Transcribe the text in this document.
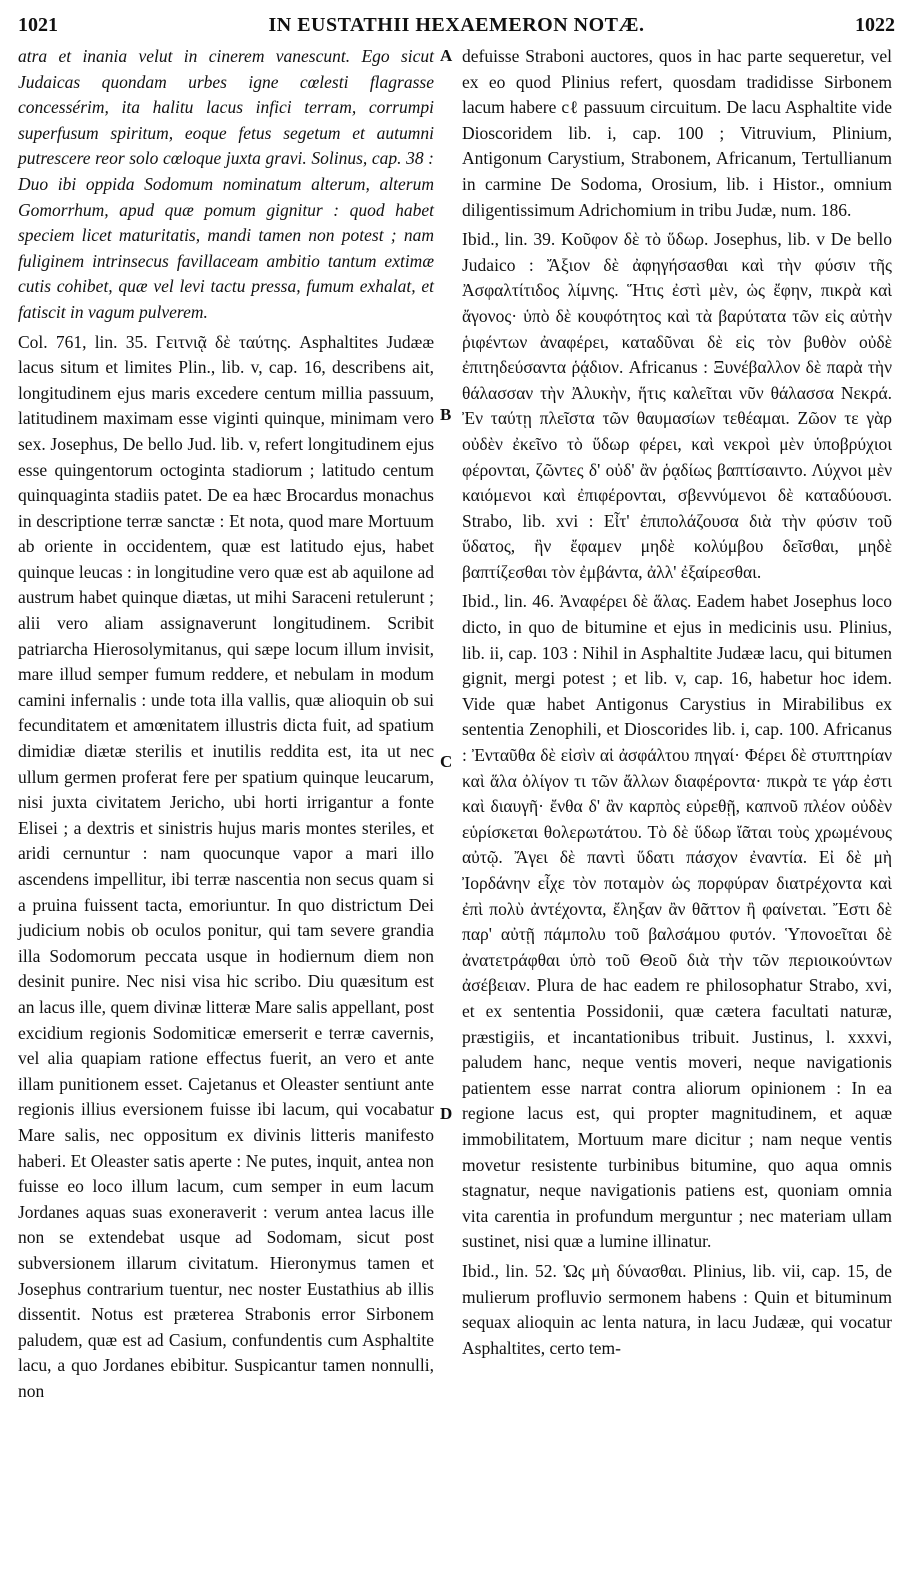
1021	IN EUSTATHII HEXAEMERON NOTÆ.	1022
A
B
C
D

atra et inania velut in cinerem vanescunt. Ego sicut Judaicas quondam urbes igne cœlesti flagrasse concessérim, ita halitu lacus infici terram, corrumpi superfusum spiritum, eoque fetus segetum et autumni putrescere reor solo cœloque juxta gravi. Solinus, cap. 38 : Duo ibi oppida Sodomum nominatum alterum, alterum Gomorrhum, apud quæ pomum gignitur : quod habet speciem licet maturitatis, mandi tamen non potest ; nam fuliginem intrinsecus favillaceam ambitio tantum extimæ cutis cohibet, quæ vel levi tactu pressa, fumum exhalat, et fatiscit in vagum pulverem.

Col. 761, lin. 35. Γειτνιᾷ δὲ ταύτης. Asphaltites Judææ lacus situm et limites Plin., lib. v, cap. 16, describens ait, longitudinem ejus maris excedere centum millia passuum, latitudinem maximam esse viginti quinque, minimam vero sex. Josephus, De bello Jud. lib. v, refert longitudinem ejus esse quingentorum octoginta stadiorum ; latitudo centum quinquaginta stadiis patet. De ea hæc Brocardus monachus in descriptione terræ sanctæ : Et nota, quod mare Mortuum ab oriente in occidentem, quæ est latitudo ejus, habet quinque leucas : in longitudine vero quæ est ab aquilone ad austrum habet quinque diætas, ut mihi Saraceni retulerunt ; alii vero aliam assignaverunt longitudinem. Scribit patriarcha Hierosolymitanus, qui sæpe locum illum invisit, mare illud semper fumum reddere, et nebulam in modum camini infernalis : unde tota illa vallis, quæ alioquin ob sui fecunditatem et amœnitatem illustris dicta fuit, ad spatium dimidiæ diætæ sterilis et inutilis reddita est, ita ut nec ullum germen proferat fere per spatium quinque leucarum, nisi juxta civitatem Jericho, ubi horti irrigantur a fonte Elisei ; a dextris et sinistris hujus maris montes steriles, et aridi cernuntur : nam quocunque vapor a mari illo ascendens impellitur, ibi terræ nascentia non secus quam si a pruina fuissent tacta, emoriuntur. In quo districtum Dei judicium nobis ob oculos ponitur, qui tam severe grandia illa Sodomorum peccata usque in hodiernum diem non desinit punire. Nec nisi visa hic scribo. Diu quæsitum est an lacus ille, quem divinæ litteræ Mare salis appellant, post excidium regionis Sodomiticæ emerserit e terræ cavernis, vel alia quapiam ratione effectus fuerit, an vero et ante illam punitionem esset. Cajetanus et Oleaster sentiunt ante regionis illius eversionem fuisse ibi lacum, qui vocabatur Mare salis, nec oppositum ex divinis litteris manifesto haberi. Et Oleaster satis aperte : Ne putes, inquit, antea non fuisse eo loco illum lacum, cum semper in eum lacum Jordanes aquas suas exoneraverit : verum antea lacus ille non se extendebat usque ad Sodomam, sicut post subversionem illarum civitatum. Hieronymus tamen et Josephus contrarium tuentur, nec noster Eustathius ab illis dissentit. Notus est præterea Strabonis error Sirbonem paludem, quæ est ad Casium, confundentis cum Asphaltite lacu, a quo Jordanes ebibitur. Suspicantur tamen nonnulli, non

defuisse Straboni auctores, quos in hac parte sequeretur, vel ex eo quod Plinius refert, quosdam tradidisse Sirbonem lacum habere cℓ passuum circuitum. De lacu Asphaltite vide Dioscoridem lib. i, cap. 100 ; Vitruvium, Plinium, Antigonum Carystium, Strabonem, Africanum, Tertullianum in carmine De Sodoma, Orosium, lib. i Histor., omnium diligentissimum Adrichomium in tribu Judæ, num. 186.

Ibid., lin. 39. Κοῦφον δὲ τὸ ὕδωρ. Josephus, lib. v De bello Judaico : Ἄξιον δὲ ἀφηγήσασθαι καὶ τὴν φύσιν τῆς Ἀσφαλτίτιδος λίμνης. Ἥτις ἐστὶ μὲν, ὡς ἔφην, πικρὰ καὶ ἄγονος· ὑπὸ δὲ κουφότητος καὶ τὰ βαρύτατα τῶν εἰς αὐτὴν ῥιφέντων ἀναφέρει, καταδῦναι δὲ εἰς τὸν βυθὸν οὐδὲ ἐπιτηδεύσαντα ῥᾴδιον. Africanus : Ξυνέβαλλον δὲ παρὰ τὴν θάλασσαν τὴν Ἀλυκὴν, ἥτις καλεῖται νῦν θάλασσα Νεκρά. Ἐν ταύτῃ πλεῖστα τῶν θαυμασίων τεθέαμαι. Ζῶον τε γὰρ οὐδὲν ἐκεῖνο τὸ ὕδωρ φέρει, καὶ νεκροὶ μὲν ὑποβρύχιοι φέρονται, ζῶντες δ' οὐδ' ἂν ῥᾳδίως βαπτίσαιντο. Λύχνοι μὲν καιόμενοι καὶ ἐπιφέρονται, σβεννύμενοι δὲ καταδύουσι. Strabo, lib. xvi : Εἶτ' ἐπιπολάζουσα διὰ τὴν φύσιν τοῦ ὕδατος, ἣν ἔφαμεν μηδὲ κολύμβου δεῖσθαι, μηδὲ βαπτίζεσθαι τὸν ἐμβάντα, ἀλλ' ἐξαίρεσθαι.

Ibid., lin. 46. Ἀναφέρει δὲ ἅλας. Eadem habet Josephus loco dicto, in quo de bitumine et ejus in medicinis usu. Plinius, lib. ii, cap. 103 : Nihil in Asphaltite Judææ lacu, qui bitumen gignit, mergi potest ; et lib. v, cap. 16, habetur hoc idem. Vide quæ habet Antigonus Carystius in Mirabilibus ex sententia Zenophili, et Dioscorides lib. i, cap. 100. Africanus : Ἐνταῦθα δὲ εἰσὶν αἱ ἀσφάλτου πηγαί· Φέρει δὲ στυπτηρίαν καὶ ἅλα ὀλίγον τι τῶν ἄλλων διαφέροντα· πικρὰ τε γάρ ἐστι καὶ διαυγῆ· ἔνθα δ' ἂν καρπὸς εὐρεθῇ, καπνοῦ πλέον οὐδὲν εὑρίσκεται θολερωτάτου. Τὸ δὲ ὕδωρ ἴᾶται τοὺς χρωμένους αὐτῷ. Ἄγει δὲ παντὶ ὕδατι πάσχον ἐναντία. Εἰ δὲ μὴ Ἰορδάνην εἶχε τὸν ποταμὸν ὡς πορφύραν διατρέχοντα καὶ ἐπὶ πολὺ ἀντέχοντα, ἔληξαν ἂν θᾶττον ἢ φαίνεται. Ἔστι δὲ παρ' αὐτῇ πάμπολυ τοῦ βαλσάμου φυτόν. Ὑπονοεῖται δὲ ἀνατετράφθαι ὑπὸ τοῦ Θεοῦ διὰ τὴν τῶν περιοικούντων ἀσέβειαν. Plura de hac eadem re philosophatur Strabo, xvi, et ex sententia Possidonii, quæ cætera facultati naturæ, præstigiis, et incantationibus tribuit. Justinus, l. xxxvi, paludem hanc, neque ventis moveri, neque navigationis patientem esse narrat contra aliorum opinionem : In ea regione lacus est, qui propter magnitudinem, et aquæ immobilitatem, Mortuum mare dicitur ; nam neque ventis movetur resistente turbinibus bitumine, quo aqua omnis stagnatur, neque navigationis patiens est, quoniam omnia vita carentia in profundum merguntur ; nec materiam ullam sustinet, nisi quæ a lumine illinatur.

Ibid., lin. 52. Ὡς μὴ δύνασθαι. Plinius, lib. vii, cap. 15, de mulierum profluvio sermonem habens : Quin et bituminum sequax alioquin ac lenta natura, in lacu Judææ, qui vocatur Asphaltites, certo tem-
